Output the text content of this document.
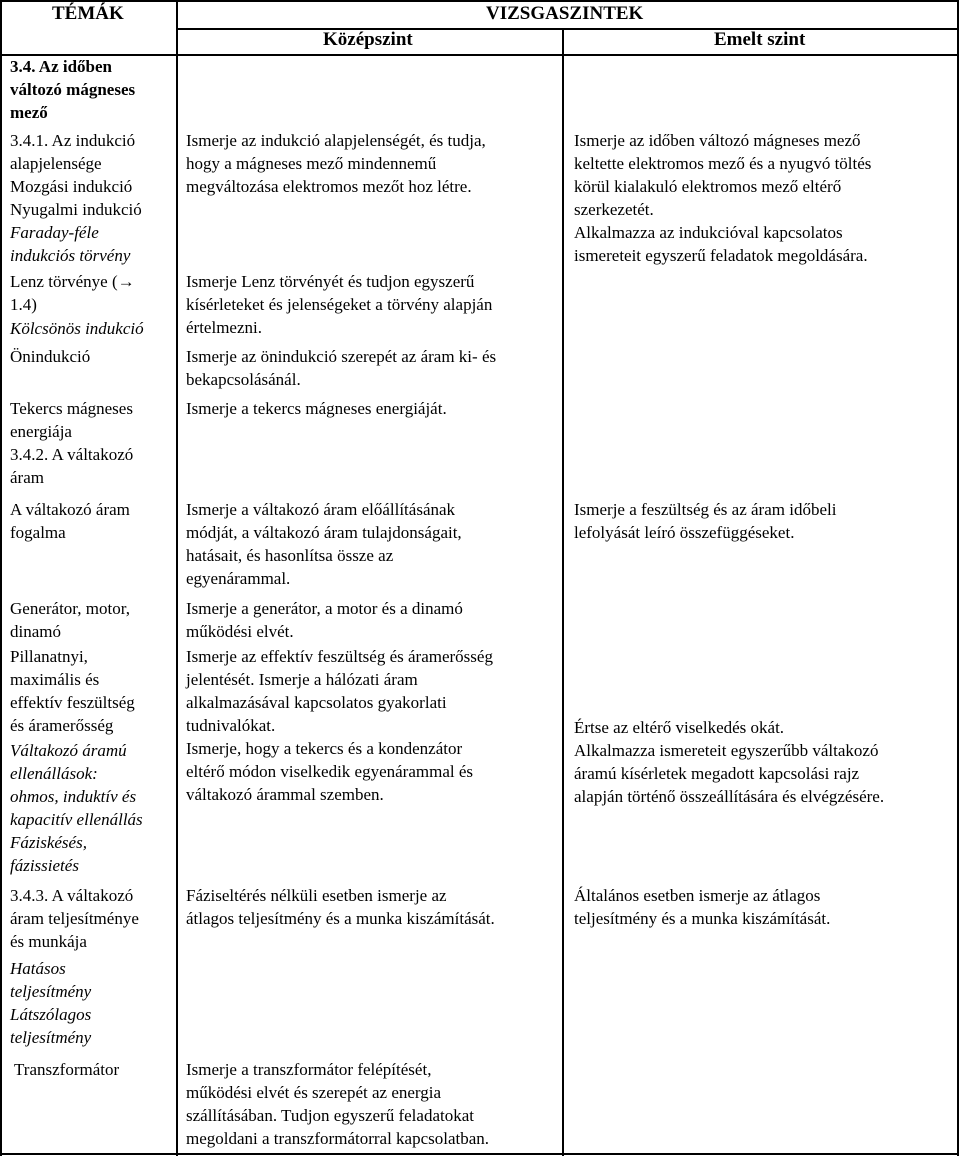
TÉMÁK	VIZSGASZINTEK
Középszint	Emelt szint
3.4. Az időben
változó mágneses
mező
3.4.1. Az indukció
alapjelensége
Mozgási indukció
Nyugalmi indukció
Faraday-féle
indukciós törvény
Lenz törvénye (→
1.4)
Kölcsönös indukció
Önindukció
Tekercs mágneses
energiája
3.4.2. A váltakozó
áram
A váltakozó áram
fogalma
Generátor, motor,
dinamó
Pillanatnyi,
maximális és
effektív feszültség
és áramerősség
Váltakozó áramú
ellenállások:
ohmos, induktív és
kapacitív ellenállás
Fáziskésés,
fázissietés
3.4.3. A váltakozó
áram teljesítménye
és munkája
Hatásos
teljesítmény
Látszólagos
teljesítmény
Transzformátor
Ismerje az indukció alapjelenségét, és tudja,
hogy a mágneses mező mindennemű
megváltozása elektromos mezőt hoz létre.
Ismerje Lenz törvényét és tudjon egyszerű
kísérleteket és jelenségeket a törvény alapján
értelmezni.
Ismerje az önindukció szerepét az áram ki- és
bekapcsolásánál.
Ismerje a tekercs mágneses energiáját.
Ismerje a váltakozó áram előállításának
módját, a váltakozó áram tulajdonságait,
hatásait, és hasonlítsa össze az
egyenárammal.
Ismerje a generátor, a motor és a dinamó
működési elvét.
Ismerje az effektív feszültség és áramerősség
jelentését. Ismerje a hálózati áram
alkalmazásával kapcsolatos gyakorlati
tudnivalókat.
Ismerje, hogy a tekercs és a kondenzátor
eltérő módon viselkedik egyenárammal és
váltakozó árammal szemben.
Fáziseltérés nélküli esetben ismerje az
átlagos teljesítmény és a munka kiszámítását.
Ismerje a transzformátor felépítését,
működési elvét és szerepét az energia
szállításában. Tudjon egyszerű feladatokat
megoldani a transzformátorral kapcsolatban.
Ismerje az időben változó mágneses mező
keltette elektromos mező és a nyugvó töltés
körül kialakuló elektromos mező eltérő
szerkezetét.
Alkalmazza az indukcióval kapcsolatos
ismereteit egyszerű feladatok megoldására.
Ismerje a feszültség és az áram időbeli
lefolyását leíró összefüggéseket.
Értse az eltérő viselkedés okát.
Alkalmazza ismereteit egyszerűbb váltakozó
áramú kísérletek megadott kapcsolási rajz
alapján történő összeállítására és elvégzésére.
Általános esetben ismerje az átlagos
teljesítmény és a munka kiszámítását.
